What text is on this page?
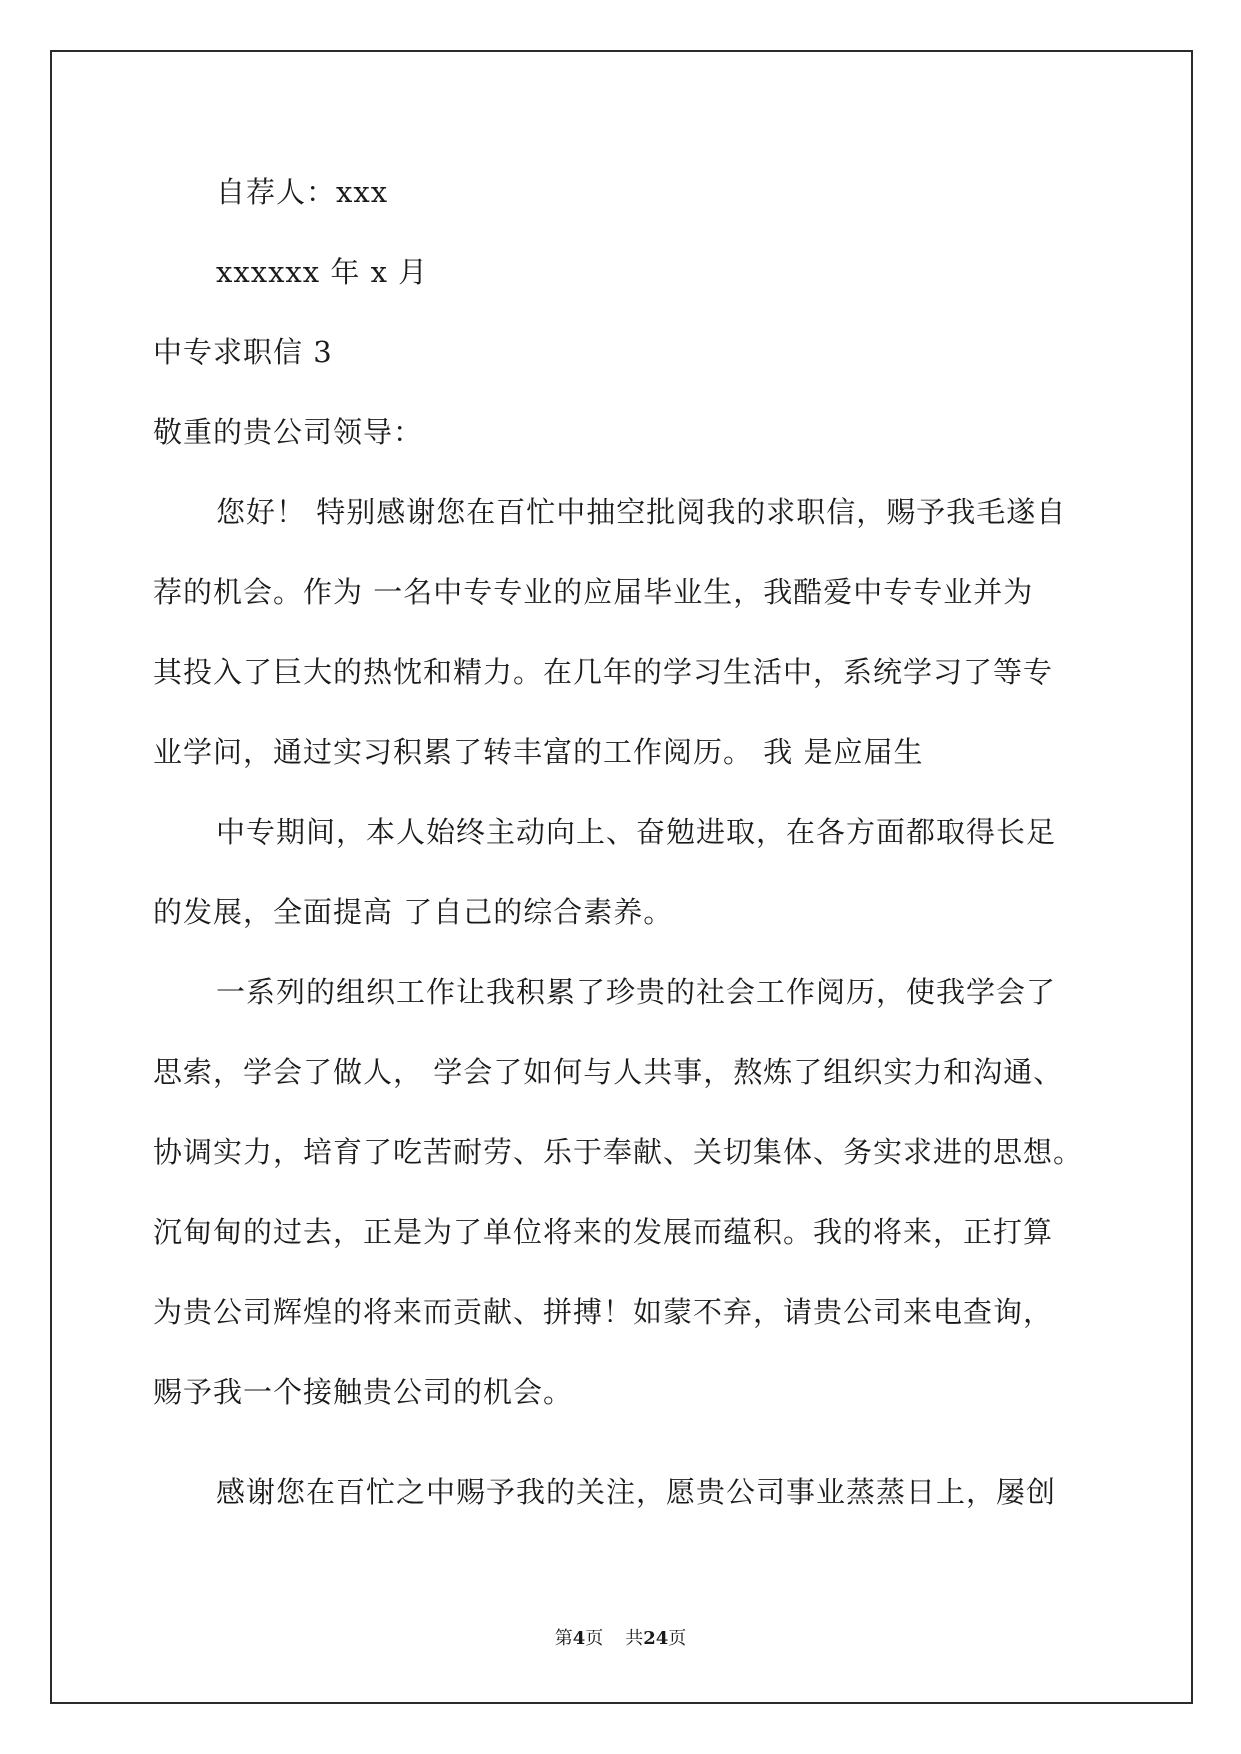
自荐人：xxx
xxxxxx 年 x 月
中专求职信 3
敬重的贵公司领导：
您好！ 特别感谢您在百忙中抽空批阅我的求职信，赐予我毛遂自
荐的机会。作为 一名中专专业的应届毕业生，我酷爱中专专业并为
其投入了巨大的热忱和精力。在几年的学习生活中，系统学习了等专
业学问，通过实习积累了转丰富的工作阅历。 我 是应届生
中专期间，本人始终主动向上、奋勉进取，在各方面都取得长足
的发展，全面提高 了自己的综合素养。
一系列的组织工作让我积累了珍贵的社会工作阅历，使我学会了
思索，学会了做人， 学会了如何与人共事，熬炼了组织实力和沟通、
协调实力，培育了吃苦耐劳、乐于奉献、关切集体、务实求进的思想。
沉甸甸的过去，正是为了单位将来的发展而蕴积。我的将来，正打算
为贵公司辉煌的将来而贡献、拼搏！如蒙不弃，请贵公司来电查询，
赐予我一个接触贵公司的机会。
感谢您在百忙之中赐予我的关注，愿贵公司事业蒸蒸日上，屡创
第4页 共24页
